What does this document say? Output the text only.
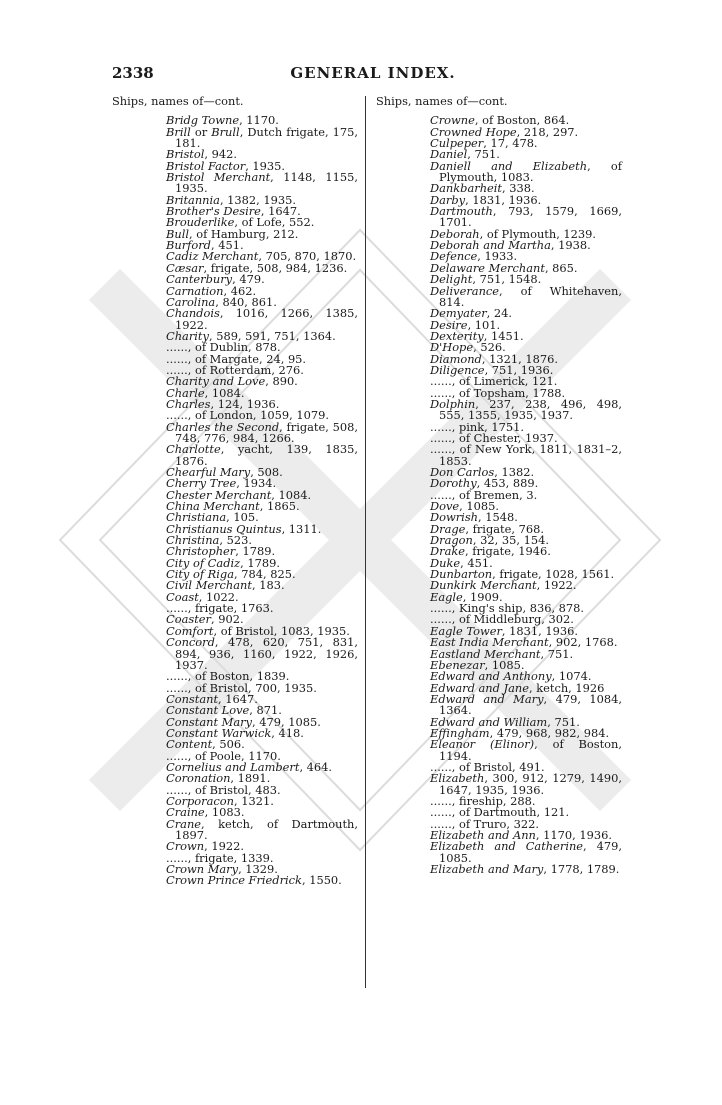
2338	GENERAL INDEX.
Ships, names of—cont.
Bridg Towne, 1170.
Brill or Brull, Dutch frigate, 175, 181.
Bristol, 942.
Bristol Factor, 1935.
Bristol Merchant, 1148, 1155, 1935.
Britannia, 1382, 1935.
Brother's Desire, 1647.
Brouderlike, of Lofe, 552.
Bull, of Hamburg, 212.
Burford, 451.
Cadiz Merchant, 705, 870, 1870.
Cæsar, frigate, 508, 984, 1236.
Canterbury, 479.
Carnation, 462.
Carolina, 840, 861.
Chandois, 1016, 1266, 1385, 1922.
Charity, 589, 591, 751, 1364.
......, of Dublin, 878.
......, of Margate, 24, 95.
......, of Rotterdam, 276.
Charity and Love, 890.
Charle, 1084.
Charles, 124, 1936.
......, of London, 1059, 1079.
Charles the Second, frigate, 508, 748, 776, 984, 1266.
Charlotte, yacht, 139, 1835, 1876.
Chearful Mary, 508.
Cherry Tree, 1934.
Chester Merchant, 1084.
China Merchant, 1865.
Christiana, 105.
Christianus Quintus, 1311.
Christina, 523.
Christopher, 1789.
City of Cadiz, 1789.
City of Riga, 784, 825.
Civil Merchant, 183.
Coast, 1022.
......, frigate, 1763.
Coaster, 902.
Comfort, of Bristol, 1083, 1935.
Concord, 478, 620, 751, 831, 894, 936, 1160, 1922, 1926, 1937.
......, of Boston, 1839.
......, of Bristol, 700, 1935.
Constant, 1647.
Constant Love, 871.
Constant Mary, 479, 1085.
Constant Warwick, 418.
Content, 506.
......, of Poole, 1170.
Cornelius and Lambert, 464.
Coronation, 1891.
......, of Bristol, 483.
Corporacon, 1321.
Craine, 1083.
Crane, ketch, of Dartmouth, 1897.
Crown, 1922.
......, frigate, 1339.
Crown Mary, 1329.
Crown Prince Friedrick, 1550.
Ships, names of—cont.
Crowne, of Boston, 864.
Crowned Hope, 218, 297.
Culpeper, 17, 478.
Daniel, 751.
Daniell and Elizabeth, of Plymouth, 1083.
Dankbarheit, 338.
Darby, 1831, 1936.
Dartmouth, 793, 1579, 1669, 1701.
Deborah, of Plymouth, 1239.
Deborah and Martha, 1938.
Defence, 1933.
Delaware Merchant, 865.
Delight, 751, 1548.
Deliverance, of Whitehaven, 814.
Demyater, 24.
Desire, 101.
Dexterity, 1451.
D'Hope, 526.
Diamond, 1321, 1876.
Diligence, 751, 1936.
......, of Limerick, 121.
......, of Topsham, 1788.
Dolphin, 237, 238, 496, 498, 555, 1355, 1935, 1937.
......, pink, 1751.
......, of Chester, 1937.
......, of New York, 1811, 1831–2, 1853.
Don Carlos, 1382.
Dorothy, 453, 889.
......, of Bremen, 3.
Dove, 1085.
Dowrish, 1548.
Drage, frigate, 768.
Dragon, 32, 35, 154.
Drake, frigate, 1946.
Duke, 451.
Dunbarton, frigate, 1028, 1561.
Dunkirk Merchant, 1922.
Eagle, 1909.
......, King's ship, 836, 878.
......, of Middleburg, 302.
Eagle Tower, 1831, 1936.
East India Merchant, 902, 1768.
Eastland Merchant, 751.
Ebenezar, 1085.
Edward and Anthony, 1074.
Edward and Jane, ketch, 1926
Edward and Mary, 479, 1084, 1364.
Edward and William, 751.
Effingham, 479, 968, 982, 984.
Eleanor (Elinor), of Boston, 1194.
......, of Bristol, 491.
Elizabeth, 300, 912, 1279, 1490, 1647, 1935, 1936.
......, fireship, 288.
......, of Dartmouth, 121.
......, of Truro, 322.
Elizabeth and Ann, 1170, 1936.
Elizabeth and Catherine, 479, 1085.
Elizabeth and Mary, 1778, 1789.
